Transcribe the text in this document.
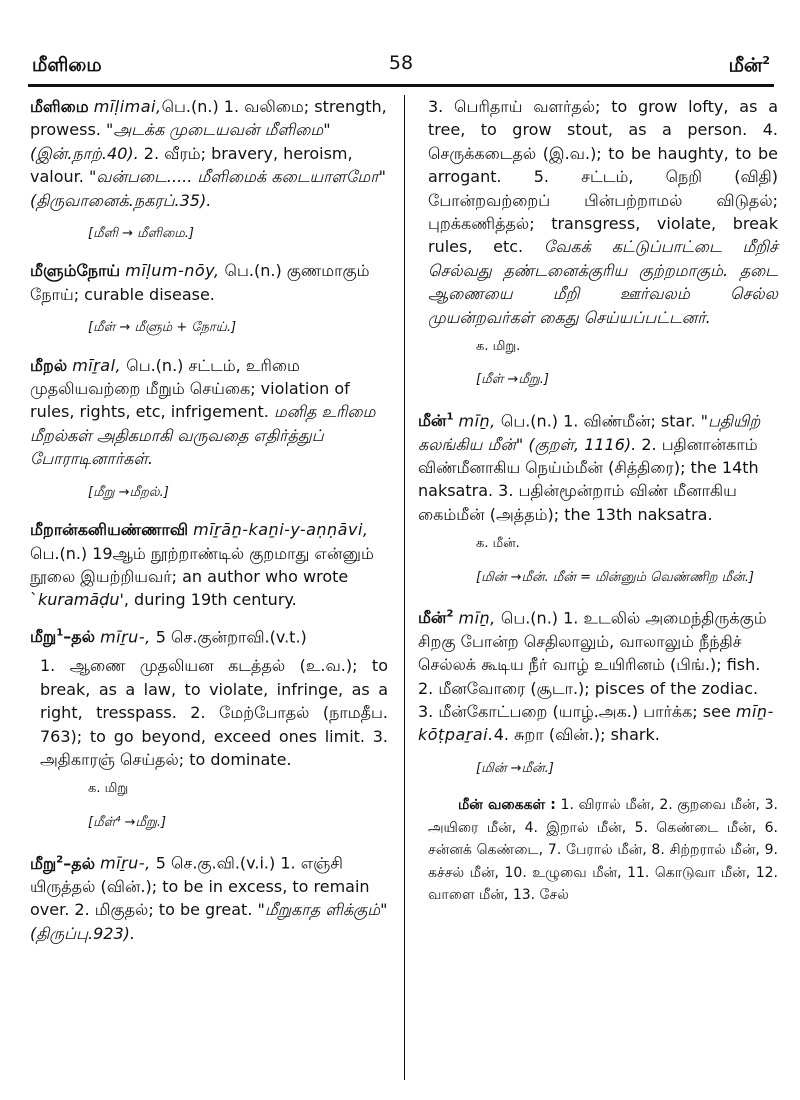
மீளிமை	58	மீன்$^2$

மீளிமை mīḷimai,பெ.(n.) 1. வலிமை; strength, prowess. "அடக்க முடையவன் மீளிமை" (இன்.நாற்.40). 2. வீரம்; bravery, heroism, valour. "வன்படை..... மீளிமைக் கடையாளமோ" (திருவானைக்.நகரப்.35).

[மீளி → மீளிமை.]

மீளும்நோய் mīḷum-nōy, பெ.(n.) குணமாகும் நோய்; curable disease.

[மீள் → மீளும் + நோய்.]

மீறல் mīṟal, பெ.(n.) சட்டம், உரிமை முதலியவற்றை மீறும் செய்கை; violation of rules, rights, etc, infrigement. மனித உரிமை மீறல்கள் அதிகமாகி வருவதை எதிர்த்துப் போராடினார்கள்.

[மீறு →மீறல்.]

மீறான்கனியண்ணாவி mīṟāṉ-kaṉi-y-aṇṇāvi, பெ.(n.) 19ஆம் நூற்றாண்டில் குறமாது என்னும் நூலை இயற்றியவர்; an author who wrote `kuramāḍu', during 19th century.

மீறு$^1$–தல் mīṟu-, 5 செ.குன்றாவி.(v.t.)

1. ஆணை முதலியன கடத்தல் (உ.வ.); to break, as a law, to violate, infringe, as a right, tresspass. 2. மேற்போதல் (நாமதீப. 763); to go beyond, exceed ones limit. 3. அதிகாரஞ் செய்தல்; to dominate.

க. மிறு
[மீள்⁴ →மீறு.]

மீறு$^2$–தல் mīṟu-, 5 செ.கு.வி.(v.i.) 1. எஞ்சி யிருத்தல் (வின்.); to be in excess, to remain over. 2. மிகுதல்; to be great. "மீறுகாத ளிக்கும்" (திருப்பு.923).

3. பெரிதாய் வளர்தல்; to grow lofty, as a tree, to grow stout, as a person. 4. செருக்கடைதல் (இ.வ.); to be haughty, to be arrogant. 5. சட்டம், நெறி (விதி) போன்றவற்றைப் பின்பற்றாமல் விடுதல்; புறக்கணித்தல்; transgress, violate, break rules, etc. வேகக் கட்டுப்பாட்டை மீறிச் செல்வது தண்டனைக்குரிய குற்றமாகும். தடை ஆணையை மீறி ஊர்வலம் செல்ல முயன்றவர்கள் கைது செய்யப்பட்டனர்.

க. மிறு.
[மீள் →மீறு.]

மீன்$^1$ mīṉ, பெ.(n.) 1. விண்மீன்; star. "பதியிற் கலங்கிய மீன்" (குறள், 1116). 2. பதினான்காம் விண்மீனாகிய நெய்ம்மீன் (சித்திரை); the 14th naksatra. 3. பதின்மூன்றாம் விண் மீனாகிய கைம்மீன் (அத்தம்); the 13th naksatra.

க. மீன்.
[மின் →மீன். மீன் = மின்னும் வெண்ணிற மீன்.]

மீன்$^2$ mīṉ, பெ.(n.) 1. உடலில் அமைந்திருக்கும் சிறகு போன்ற செதிலாலும், வாலாலும் நீந்திச் செல்லக் கூடிய நீர் வாழ் உயிரினம் (பிங்.); fish. 2. மீனவோரை (சூடா.); pisces of the zodiac. 3. மீன்கோட்பறை (யாழ்.அக.) பார்க்க; see mīṉ-kōṭpaṟai.4. சுறா (வின்.); shark.

[மின் →மீன்.]

மீன் வகைகள் : 1. விரால் மீன், 2. குறவை மீன், 3. அயிரை மீன், 4. இறால் மீன், 5. கெண்டை மீன், 6. சன்னக் கெண்டை, 7. பேரால் மீன், 8. சிற்றரால் மீன், 9. கச்சல் மீன், 10. உழுவை மீன், 11. கொடுவா மீன், 12. வாளை மீன், 13. சேல்
